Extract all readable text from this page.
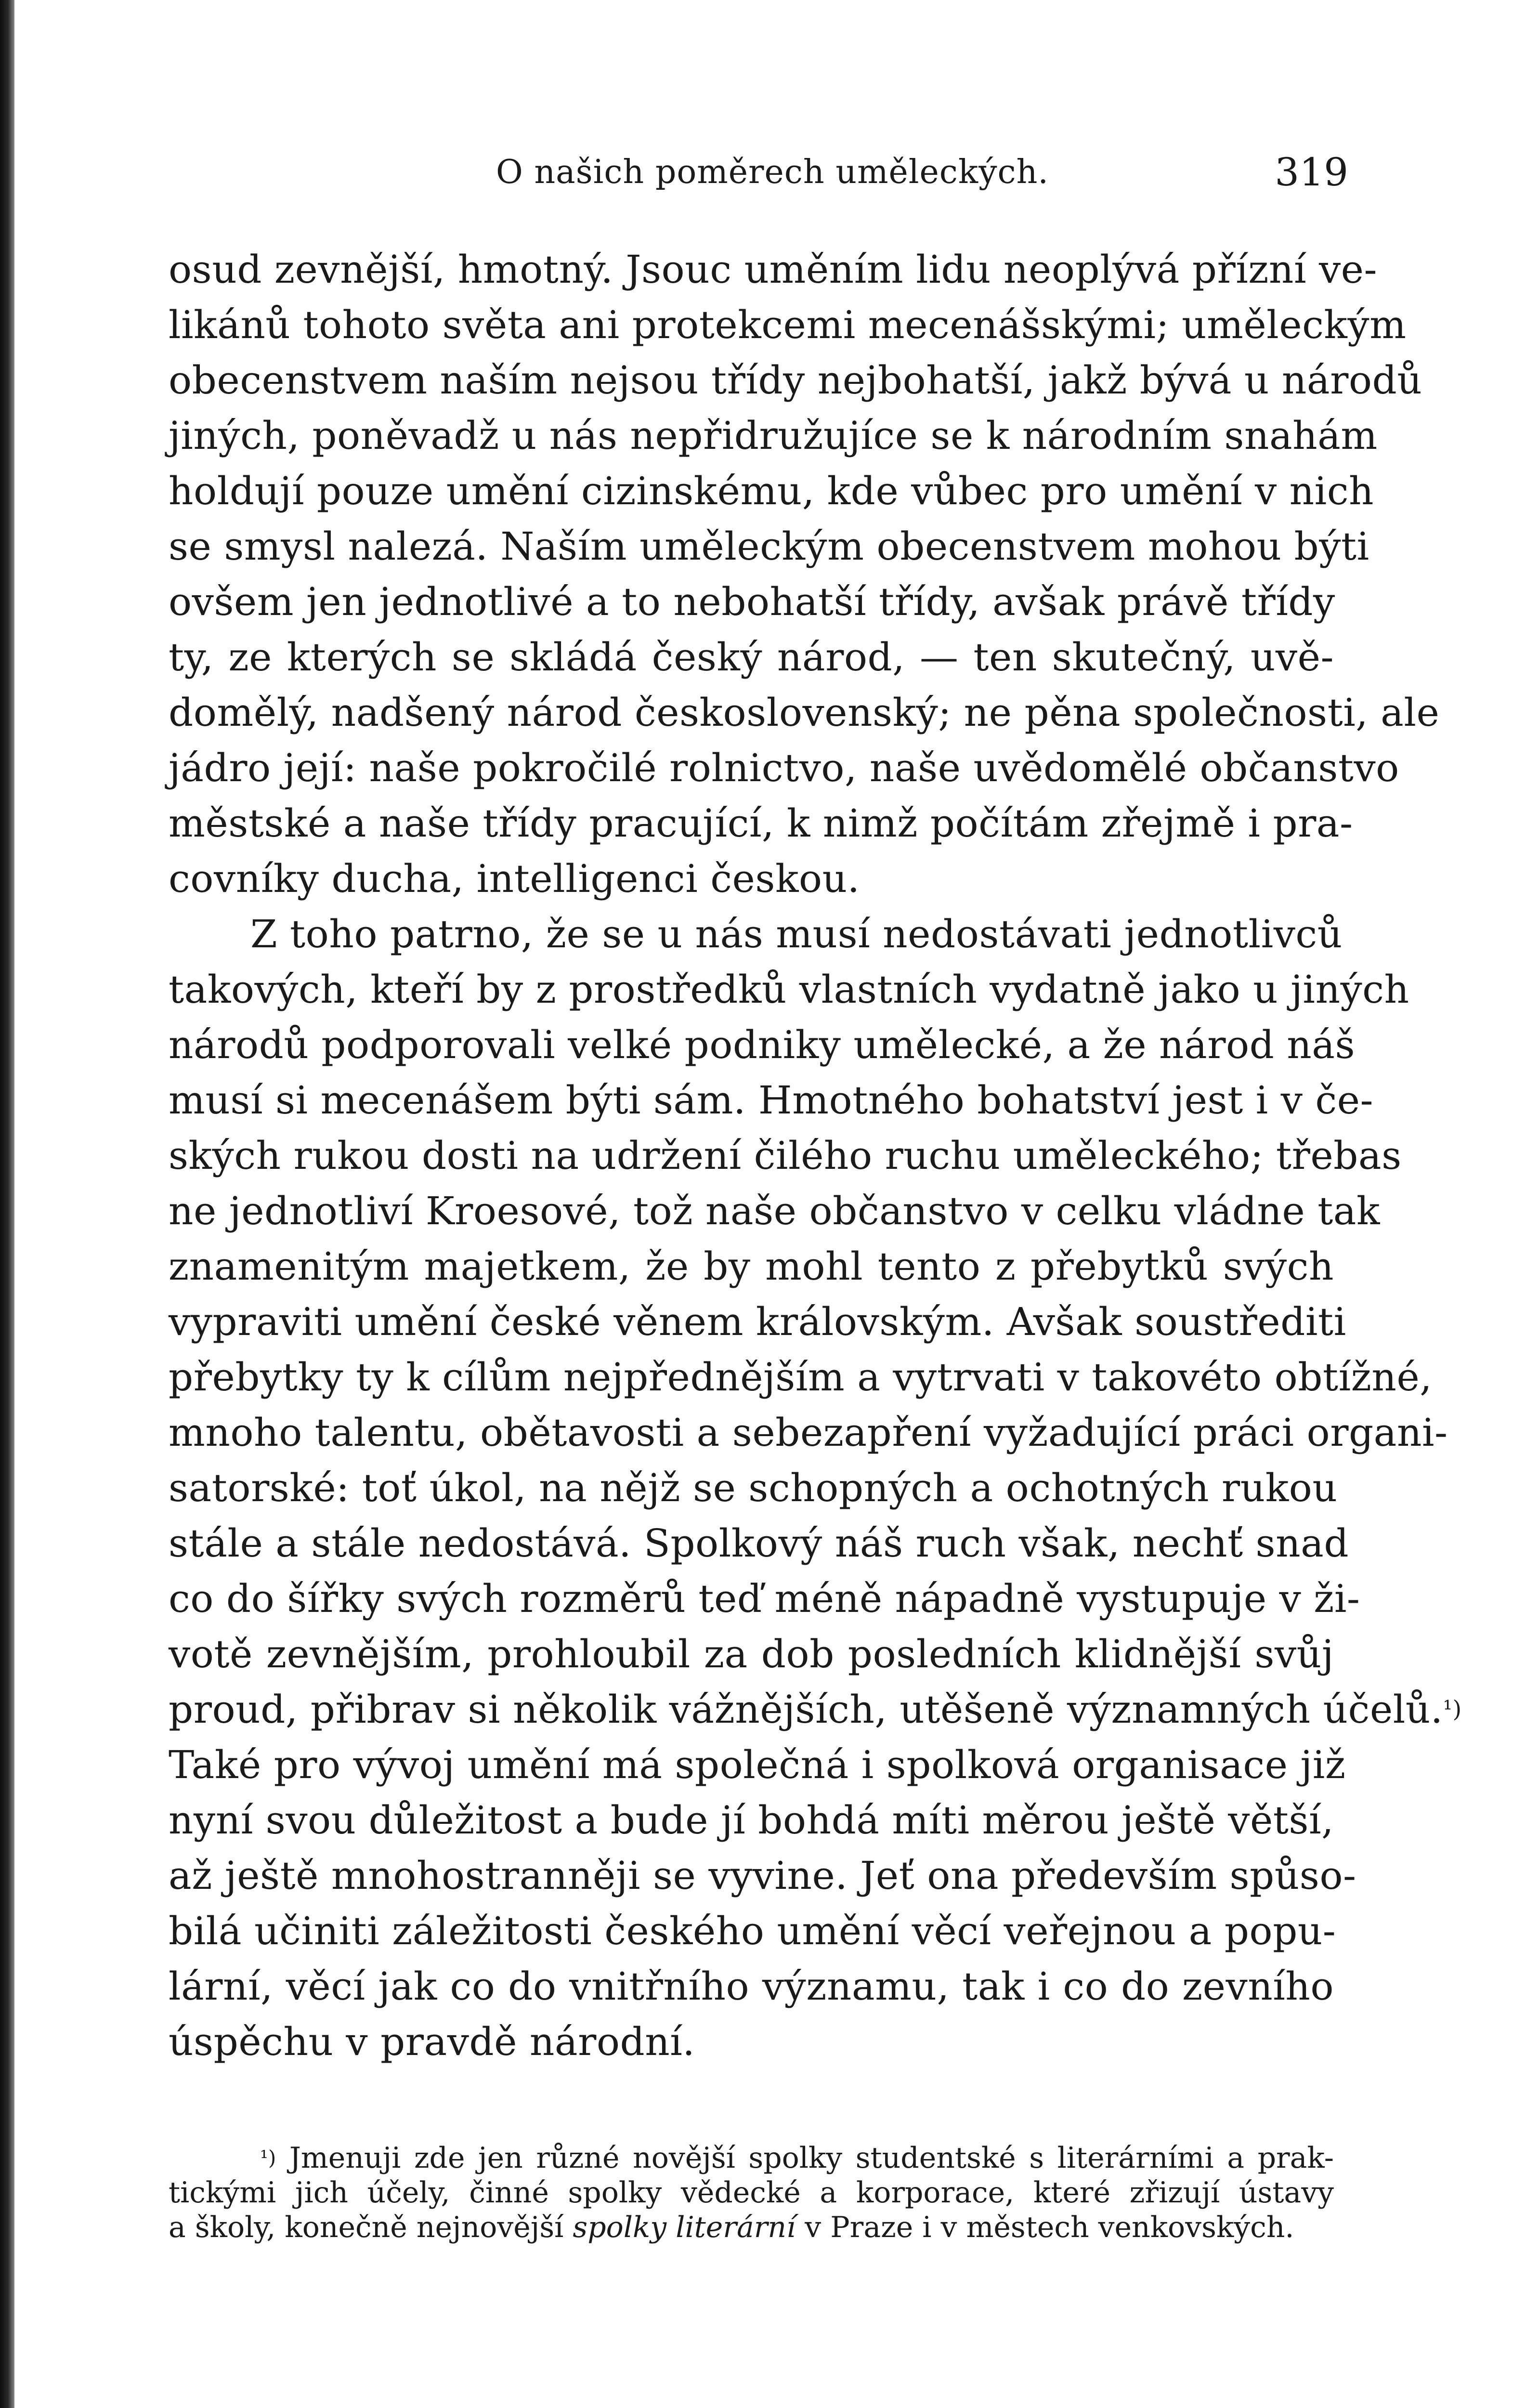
O našich poměrech uměleckých.	319
osud zevnější, hmotný. Jsouc uměním lidu neoplývá přízní ve-
likánů tohoto světa ani protekcemi mecenášskými; uměleckým
obecenstvem naším nejsou třídy nejbohatší, jakž bývá u národů
jiných, poněvadž u nás nepřidružujíce se k národním snahám
holdují pouze umění cizinskému, kde vůbec pro umění v nich
se smysl nalezá. Naším uměleckým obecenstvem mohou býti
ovšem jen jednotlivé a to nebohatší třídy, avšak právě třídy
ty, ze kterých se skládá český národ, — ten skutečný, uvě-
domělý, nadšený národ československý; ne pěna společnosti, ale
jádro její: naše pokročilé rolnictvo, naše uvědomělé občanstvo
městské a naše třídy pracující, k nimž počítám zřejmě i pra-
covníky ducha, intelligenci českou.
Z toho patrno, že se u nás musí nedostávati jednotlivců
takových, kteří by z prostředků vlastních vydatně jako u jiných
národů podporovali velké podniky umělecké, a že národ náš
musí si mecenášem býti sám. Hmotného bohatství jest i v če-
ských rukou dosti na udržení čilého ruchu uměleckého; třebas
ne jednotliví Kroesové, tož naše občanstvo v celku vládne tak
znamenitým majetkem, že by mohl tento z přebytků svých
vypraviti umění české věnem královským. Avšak soustřediti
přebytky ty k cílům nejpřednějším a vytrvati v takovéto obtížné,
mnoho talentu, obětavosti a sebezapření vyžadující práci organi-
satorské: toť úkol, na nějž se schopných a ochotných rukou
stále a stále nedostává. Spolkový náš ruch však, nechť snad
co do šířky svých rozměrů teď méně nápadně vystupuje v ži-
votě zevnějším, prohloubil za dob posledních klidnější svůj
proud, přibrav si několik vážnějších, utěšeně významných účelů.$^{^1)}$
Také pro vývoj umění má společná i spolková organisace již
nyní svou důležitost a bude jí bohdá míti měrou ještě větší,
až ještě mnohostranněji se vyvine. Jeť ona především spůso-
bilá učiniti záležitosti českého umění věcí veřejnou a popu-
lární, věcí jak co do vnitřního významu, tak i co do zevního
úspěchu v pravdě národní.
$^{^1)}$ Jmenuji zde jen různé novější spolky studentské s literárními a prak-
tickými jich účely, činné spolky vědecké a korporace, které zřizují ústavy
a školy, konečně nejnovější spolky literární v Praze i v městech venkovských.
